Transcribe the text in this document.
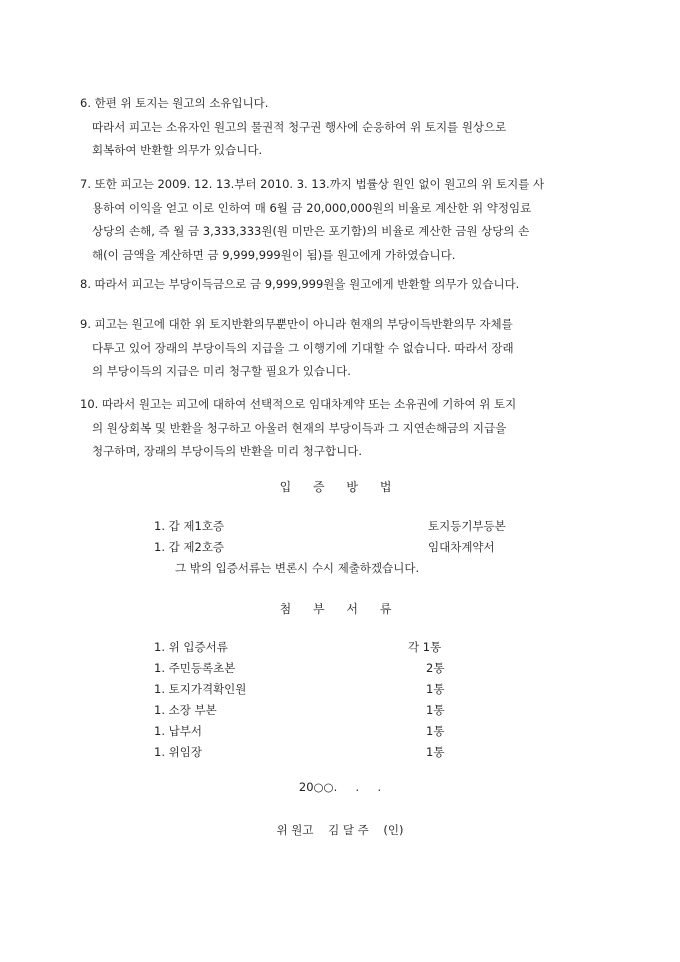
6. 한편 위 토지는 원고의 소유입니다.
따라서 피고는 소유자인 원고의 물권적 청구권 행사에 순응하여 위 토지를 원상으로
회복하여 반환할 의무가 있습니다.
7. 또한 피고는 2009. 12. 13.부터 2010. 3. 13.까지 법률상 원인 없이 원고의 위 토지를 사
용하여 이익을 얻고 이로 인하여 매 6월 금 20,000,000원의 비율로 계산한 위 약정임료
상당의 손해, 즉 월 금 3,333,333원(원 미만은 포기함)의 비율로 계산한 금원 상당의 손
해(이 금액을 계산하면 금 9,999,999원이 됨)를 원고에게 가하였습니다.
8. 따라서 피고는 부당이득금으로 금 9,999,999원을 원고에게 반환할 의무가 있습니다.
9. 피고는 원고에 대한 위 토지반환의무뿐만이 아니라 현재의 부당이득반환의무 자체를
다투고 있어 장래의 부당이득의 지급을 그 이행기에 기대할 수 없습니다. 따라서 장래
의 부당이득의 지급은 미리 청구할 필요가 있습니다.
10. 따라서 원고는 피고에 대하여 선택적으로 임대차계약 또는 소유권에 기하여 위 토지
의 원상회복 및 반환을 청구하고 아울러 현재의 부당이득과 그 지연손해금의 지급을
청구하며, 장래의 부당이득의 반환을 미리 청구합니다.
입 증 방 법
1. 갑 제1호증	토지등기부등본
1. 갑 제2호증	임대차계약서
그 밖의 입증서류는 변론시 수시 제출하겠습니다.
첨 부 서 류
1. 위 입증서류	각 1통
1. 주민등록초본	2통
1. 토지가격확인원	1통
1. 소장 부본	1통
1. 납부서	1통
1. 위임장	1통
20○○.     .     .
위 원고    김 달 주    (인)
